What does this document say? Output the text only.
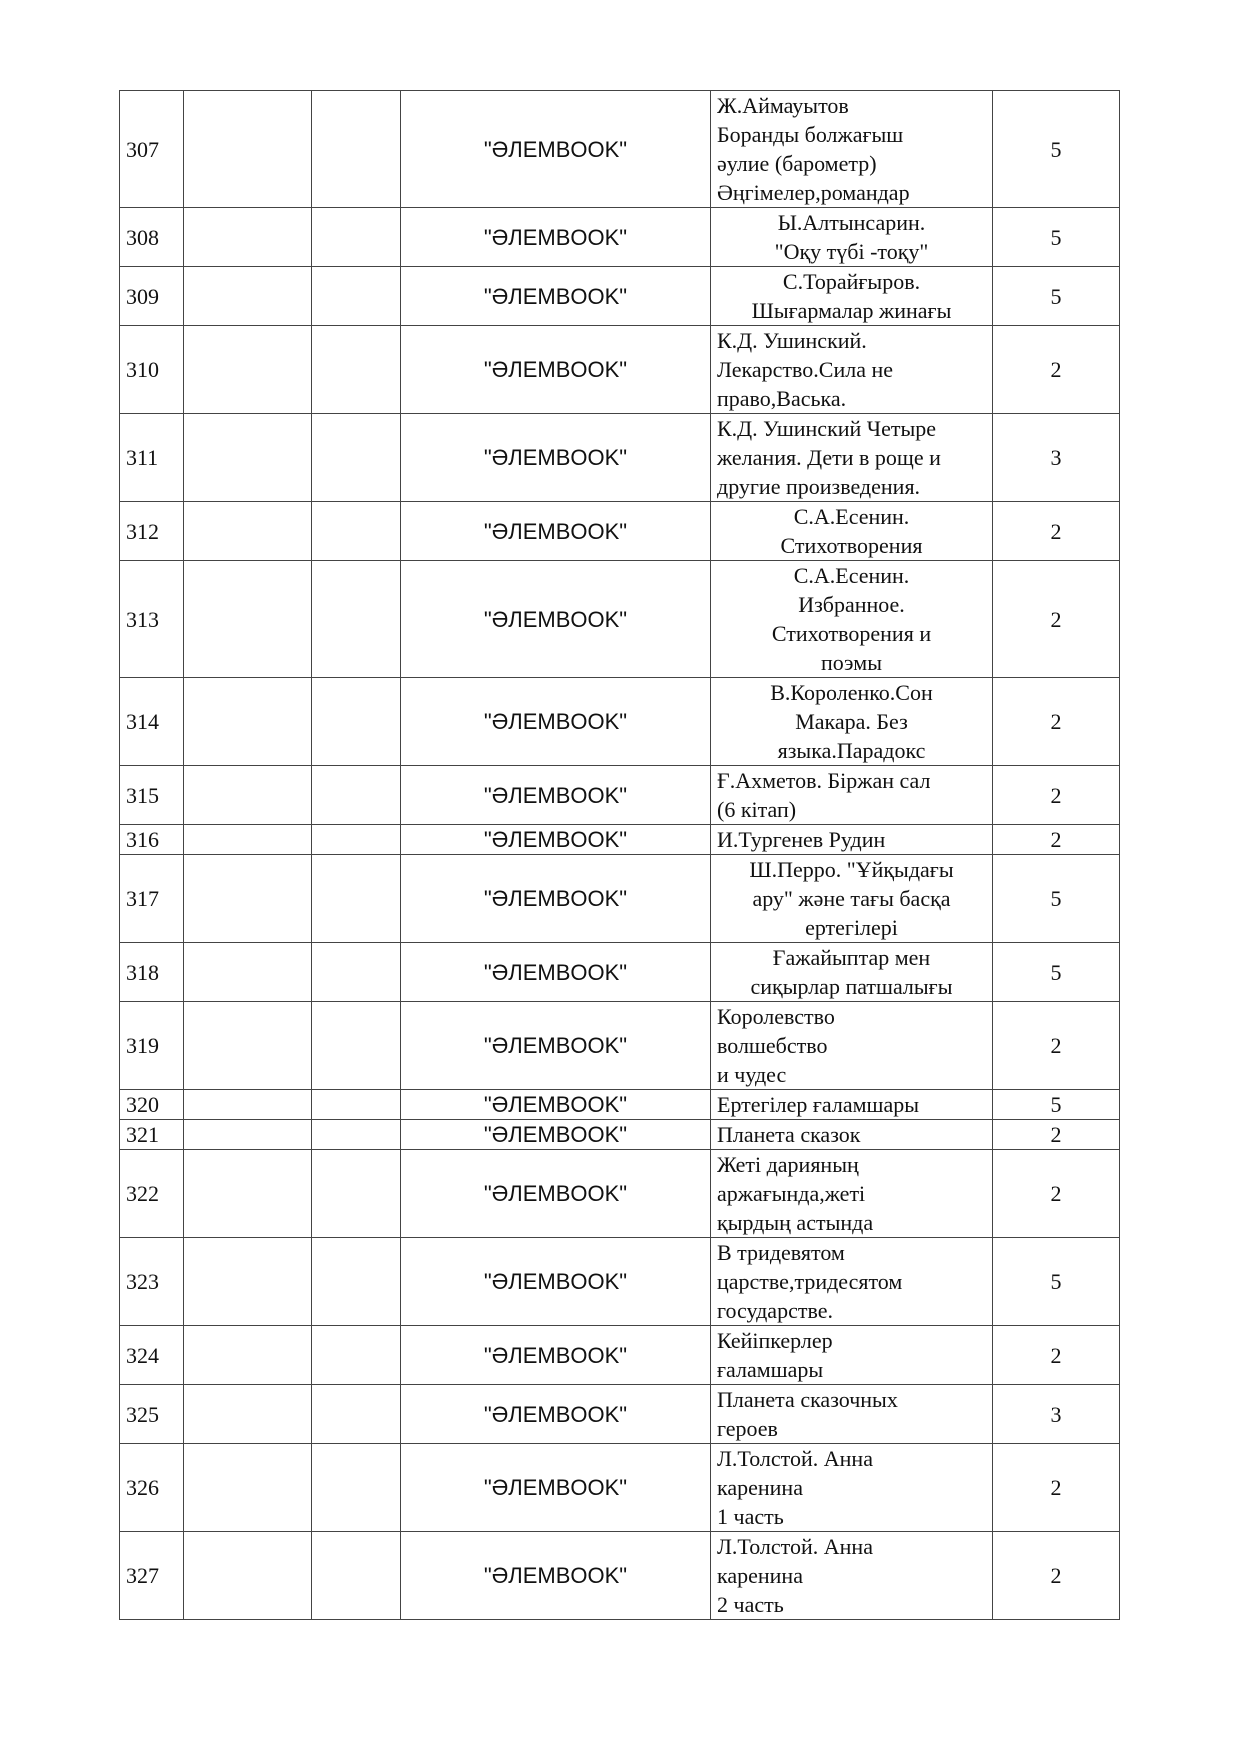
307			"ӘЛЕМBOOK"	Ж.Аймауытов
Боранды болжағыш
әулие (барометр)
Әңгімелер,романдар	5
308			"ӘЛЕМBOOK"	Ы.Алтынсарин.
"Оқу түбі -тоқу"	5
309			"ӘЛЕМBOOK"	С.Торайғыров.
Шығармалар жинағы	5
310			"ӘЛЕМBOOK"	К.Д. Ушинский.
Лекарство.Сила не
право,Васька.	2
311			"ӘЛЕМBOOK"	К.Д. Ушинский Четыре
желания. Дети в роще и
другие произведения.	3
312			"ӘЛЕМBOOK"	С.А.Есенин.
Стихотворения	2
313			"ӘЛЕМBOOK"	С.А.Есенин.
Избранное.
Стихотворения и
поэмы	2
314			"ӘЛЕМBOOK"	В.Короленко.Сон
Макара. Без
языка.Парадокс	2
315			"ӘЛЕМBOOK"	Ғ.Ахметов. Біржан сал
(6 кітап)	2
316			"ӘЛЕМBOOK"	И.Тургенев Рудин	2
317			"ӘЛЕМBOOK"	Ш.Перро. "Ұйқыдағы
ару" және тағы басқа
ертегілері	5
318			"ӘЛЕМBOOK"	Ғажайыптар мен
сиқырлар патшалығы	5
319			"ӘЛЕМBOOK"	Королевство
волшебство
и чудес	2
320			"ӘЛЕМBOOK"	Ертегілер ғаламшары	5
321			"ӘЛЕМBOOK"	Планета сказок	2
322			"ӘЛЕМBOOK"	Жеті дарияның
аржағында,жеті
қырдың астында	2
323			"ӘЛЕМBOOK"	В тридевятом
царстве,тридесятом
государстве.	5
324			"ӘЛЕМBOOK"	Кейіпкерлер
ғаламшары	2
325			"ӘЛЕМBOOK"	Планета сказочных
героев	3
326			"ӘЛЕМBOOK"	Л.Толстой. Анна
каренина
1 часть	2
327			"ӘЛЕМBOOK"	Л.Толстой. Анна
каренина
2 часть	2
